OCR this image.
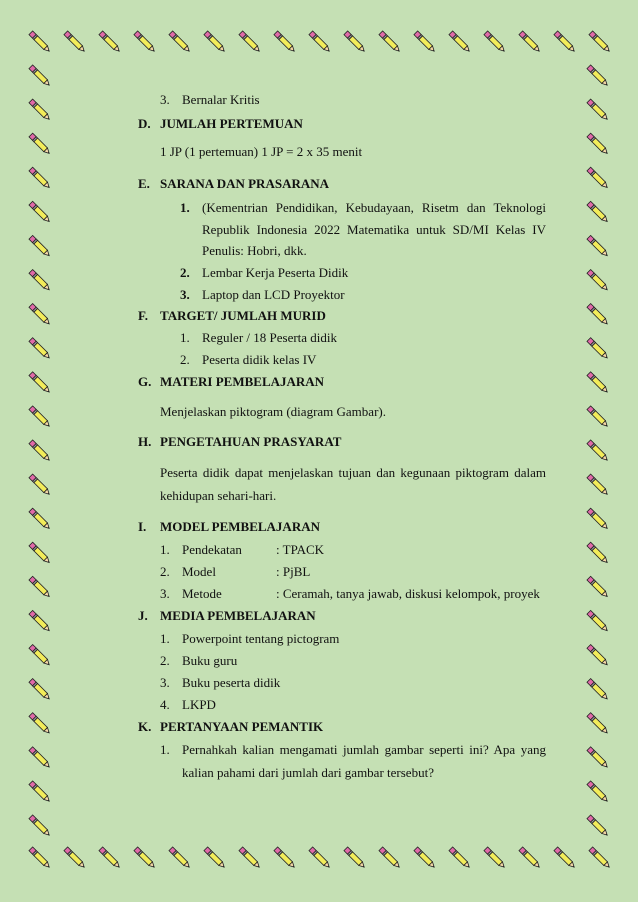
3. Bernalar Kritis
D. JUMLAH PERTEMUAN
1 JP (1 pertemuan) 1 JP = 2 x 35 menit
E. SARANA DAN PRASARANA
1. (Kementrian Pendidikan, Kebudayaan, Risetm dan Teknologi
Republik Indonesia 2022 Matematika untuk SD/MI Kelas IV
Penulis: Hobri, dkk.
2. Lembar Kerja Peserta Didik
3. Laptop dan LCD Proyektor
F. TARGET/ JUMLAH MURID
1. Reguler / 18 Peserta didik
2. Peserta didik kelas IV
G. MATERI PEMBELAJARAN
Menjelaskan piktogram (diagram Gambar).
H. PENGETAHUAN PRASYARAT
Peserta didik dapat menjelaskan tujuan dan kegunaan piktogram dalam
kehidupan sehari-hari.
I. MODEL PEMBELAJARAN
1. Pendekatan	: TPACK
2. Model	: PjBL
3. Metode	: Ceramah, tanya jawab, diskusi kelompok, proyek
J. MEDIA PEMBELAJARAN
1. Powerpoint tentang pictogram
2. Buku guru
3. Buku peserta didik
4. LKPD
K. PERTANYAAN PEMANTIK
1. Pernahkah kalian mengamati jumlah gambar seperti ini? Apa yang
kalian pahami dari jumlah dari gambar tersebut?
